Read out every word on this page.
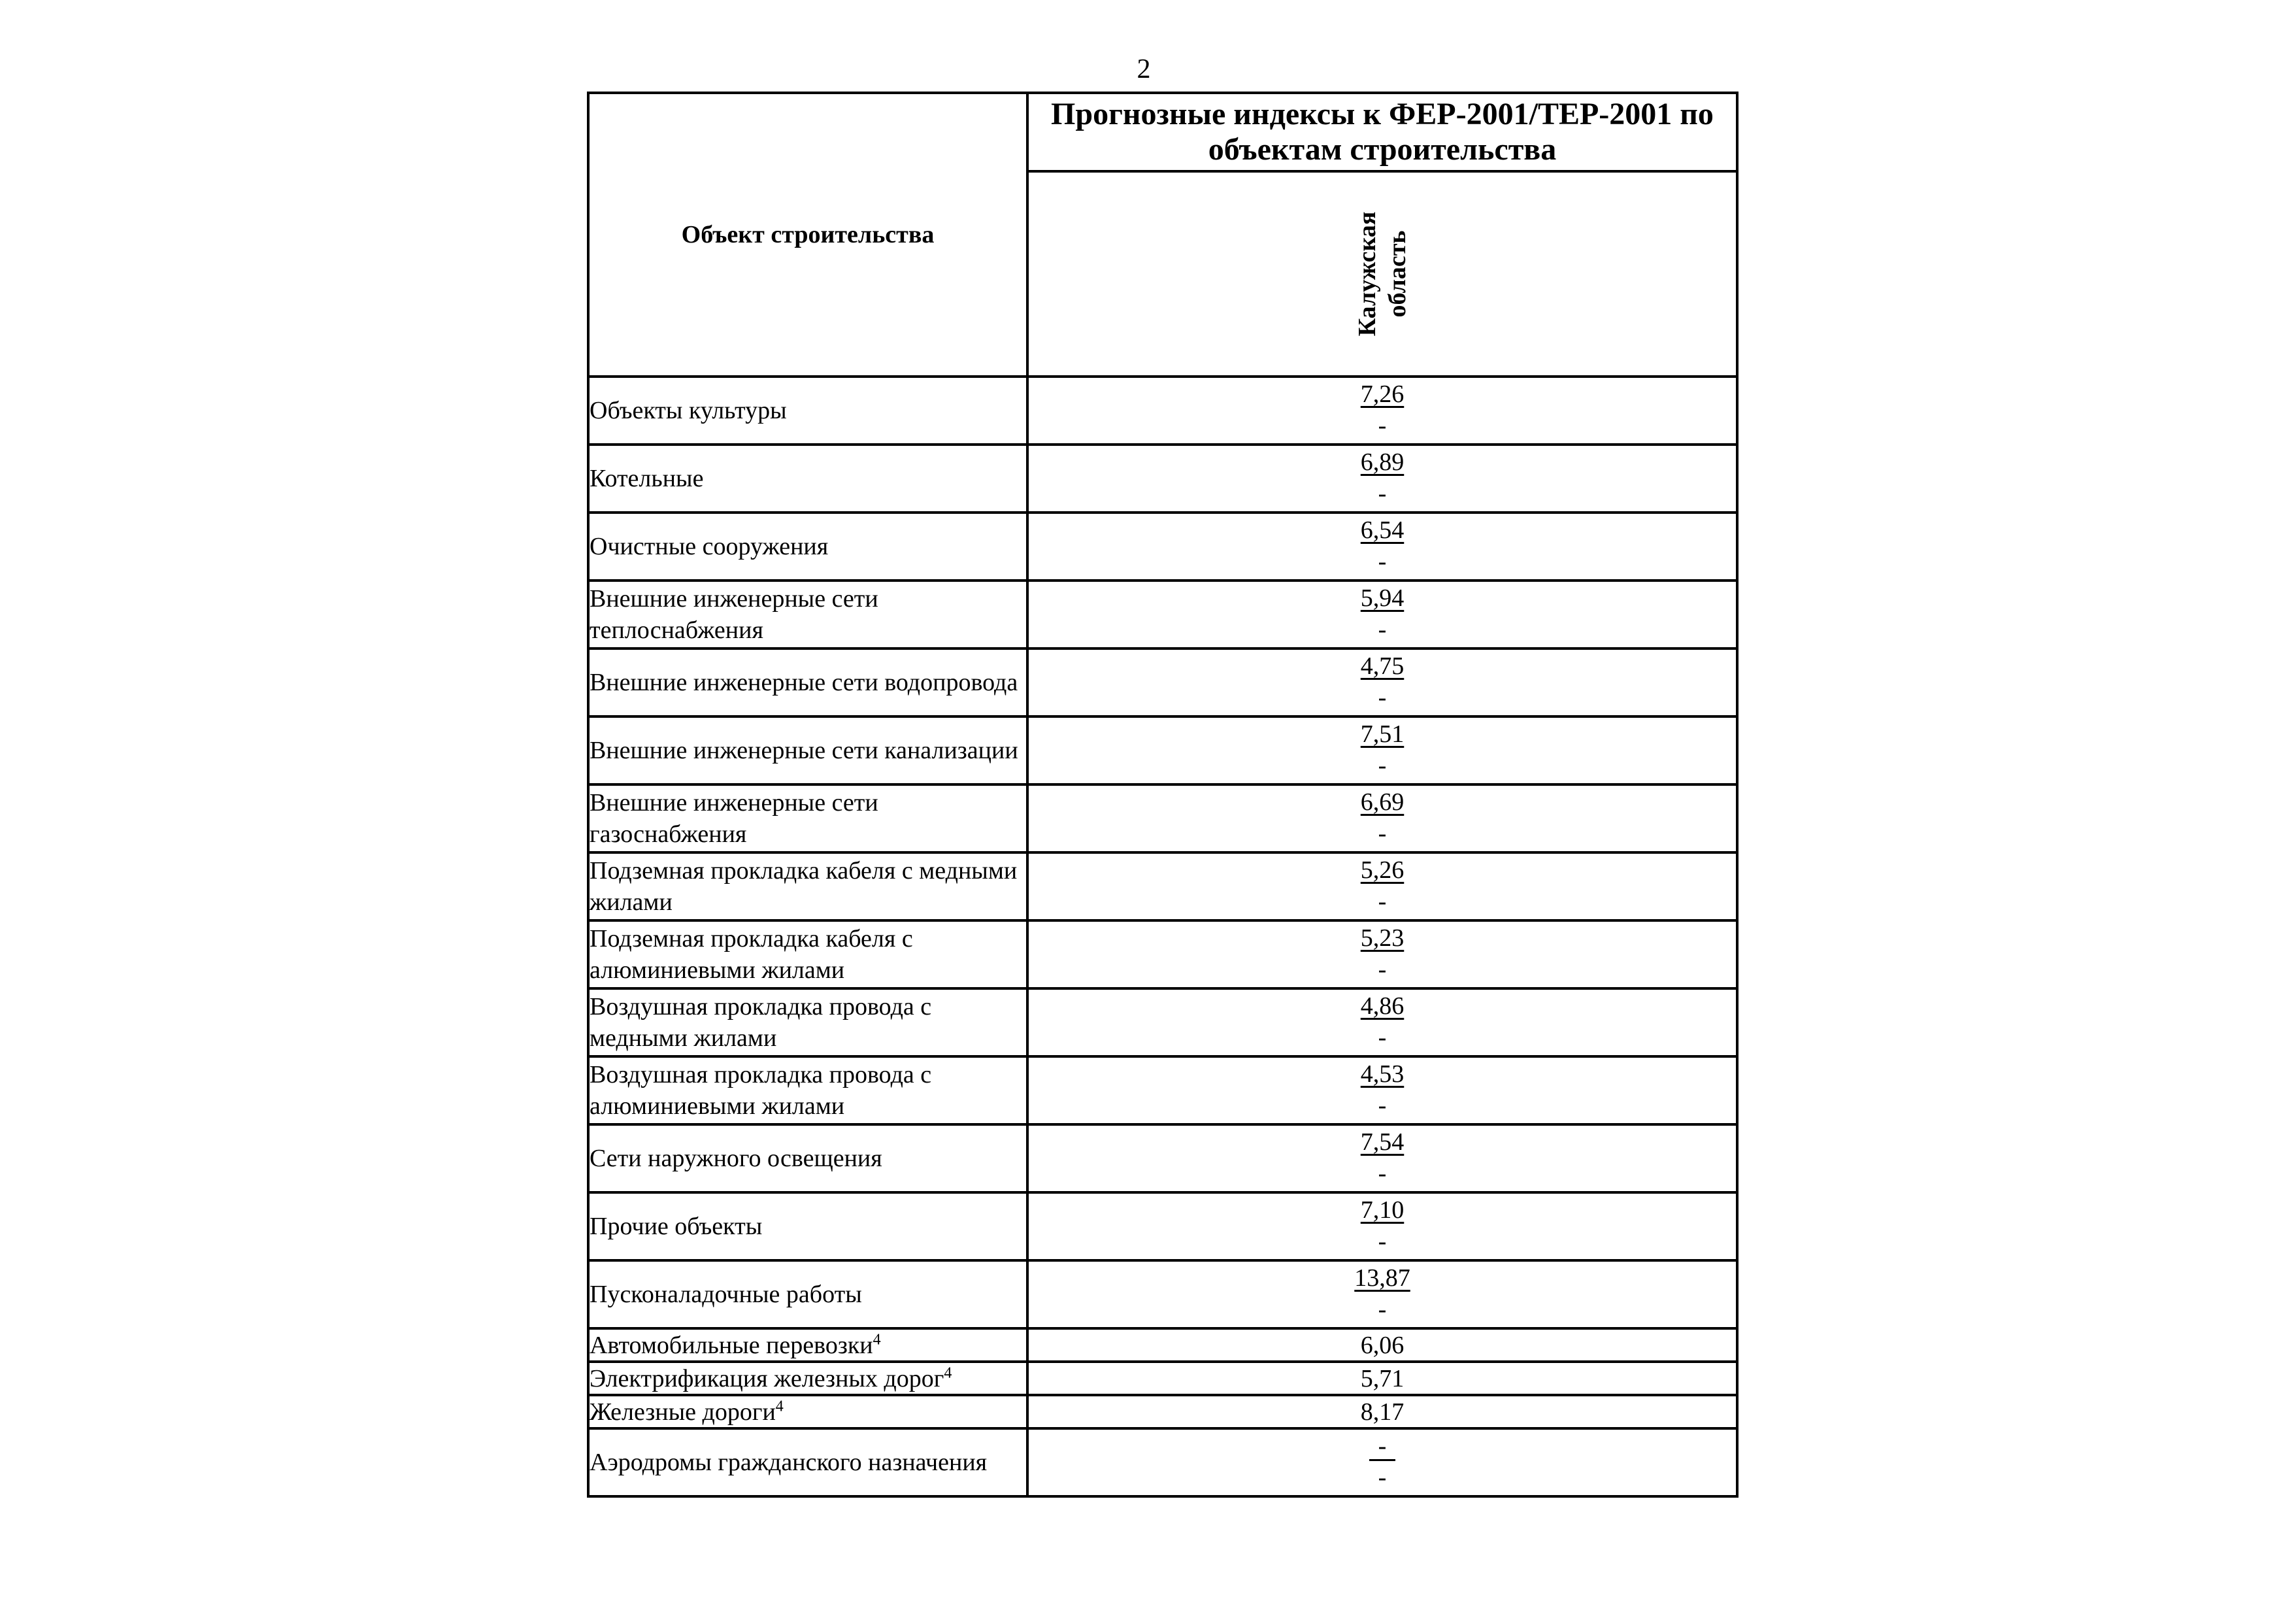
2
Объект строительства	Прогнозные индексы к ФЕР-2001/ТЕР-2001 по объектам строительства

	Калужская область

Объекты культуры	$\frac{7,26}{-}$

Котельные	$\frac{6,89}{-}$

Очистные сооружения	$\frac{6,54}{-}$

Внешние инженерные сети теплоснабжения	$\frac{5,94}{-}$

Внешние инженерные сети водопровода	$\frac{4,75}{-}$

Внешние инженерные сети канализации	$\frac{7,51}{-}$

Внешние инженерные сети газоснабжения	$\frac{6,69}{-}$

Подземная прокладка кабеля с медными жилами	$\frac{5,26}{-}$

Подземная прокладка кабеля с алюминиевыми жилами	$\frac{5,23}{-}$

Воздушная прокладка провода с медными жилами	$\frac{4,86}{-}$

Воздушная прокладка провода с алюминиевыми жилами	$\frac{4,53}{-}$

Сети наружного освещения	$\frac{7,54}{-}$

Прочие объекты	$\frac{7,10}{-}$

Пусконаладочные работы	$\frac{13,87}{-}$

Автомобильные перевозки$^4$	6,06
Электрификация железных дорог$^4$	5,71
Железные дороги$^4$	8,17
Аэродромы гражданского назначения	$\frac{-}{-}$
